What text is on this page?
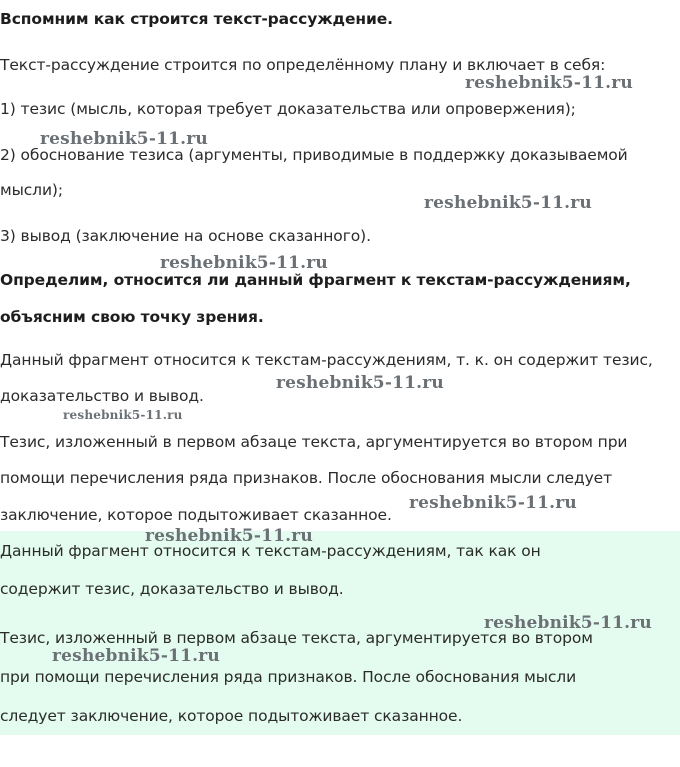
Вспомним как строится текст-рассуждение.
Текст-рассуждение строится по определённому плану и включает в себя:
1) тезис (мысль, которая требует доказательства или опровержения);
2) обоснование тезиса (аргументы, приводимые в поддержку доказываемой
мысли);
3) вывод (заключение на основе сказанного).
Определим, относится ли данный фрагмент к текстам-рассуждениям,
объясним свою точку зрения.
Данный фрагмент относится к текстам-рассуждениям, т. к. он содержит тезис,
доказательство и вывод.
Тезис, изложенный в первом абзаце текста, аргументируется во втором при
помощи перечисления ряда признаков. После обоснования мысли следует
заключение, которое подытоживает сказанное.
Данный фрагмент относится к текстам-рассуждениям, так как он
содержит тезис, доказательство и вывод.
Тезис, изложенный в первом абзаце текста, аргументируется во втором
при помощи перечисления ряда признаков. После обоснования мысли
следует заключение, которое подытоживает сказанное.
reshebnik5-11.ru
reshebnik5-11.ru
reshebnik5-11.ru
reshebnik5-11.ru
reshebnik5-11.ru
reshebnik5-11.ru
reshebnik5-11.ru
reshebnik5-11.ru
reshebnik5-11.ru
reshebnik5-11.ru
